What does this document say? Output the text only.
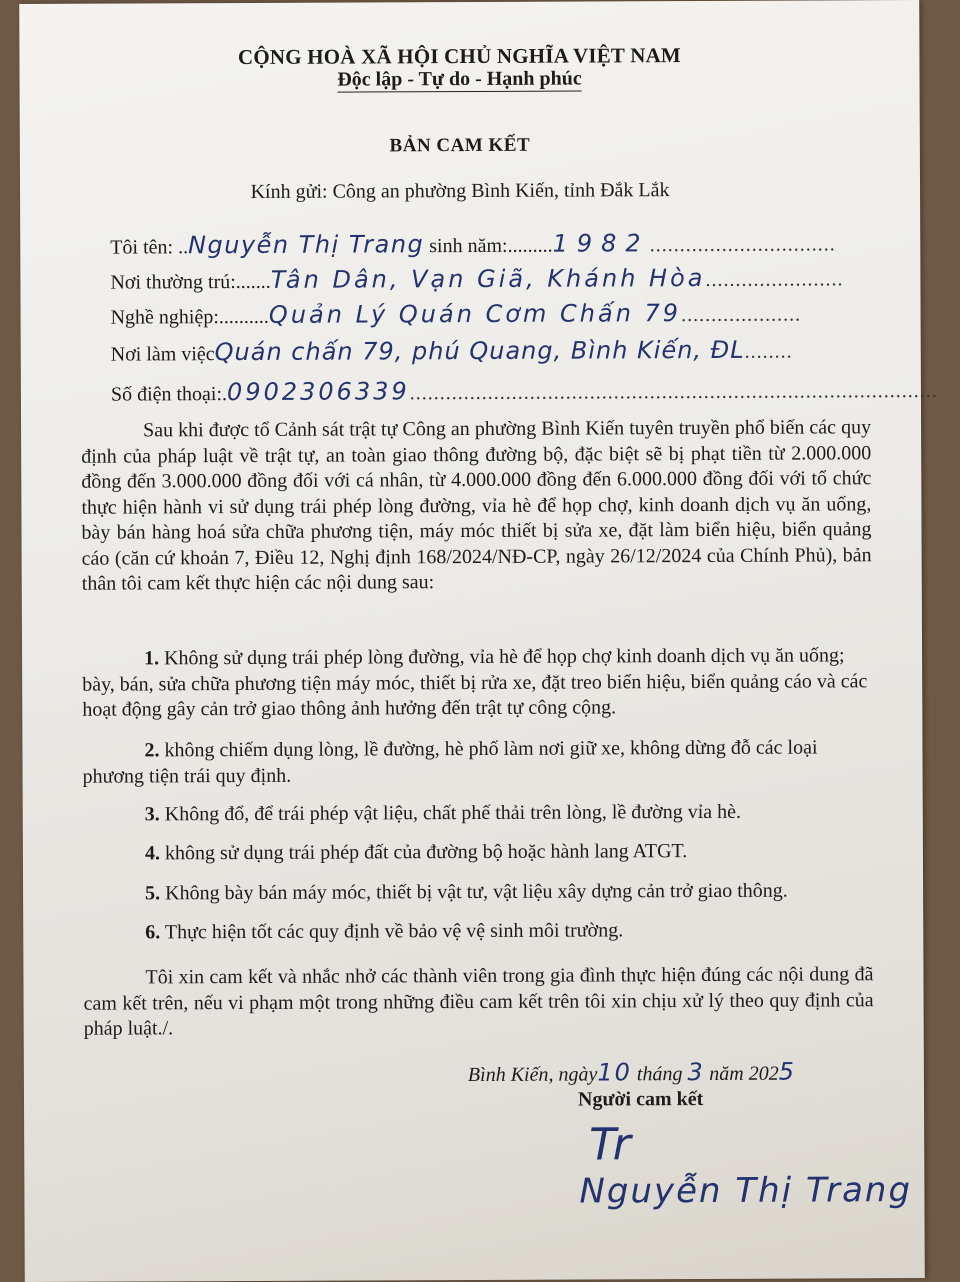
CỘNG HOÀ XÃ HỘI CHỦ NGHĨA VIỆT NAM
Độc lập - Tự do - Hạnh phúc
BẢN CAM KẾT
Kính gửi: Công an phường Bình Kiến, tỉnh Đắk Lắk
Tôi tên: ..Nguyễn Thị Trang sinh năm:.........1982...............................
Nơi thường trú:.......Tân Dân, Vạn Giã, Khánh Hòa.......................
Nghề nghiệp:..........Quản Lý Quán Cơm Chấn 79....................
Nơi làm việcQuán chấn 79, phú Quang, Bình Kiến, ĐL........
Số điện thoại:.0902306339........................................................................................

Sau khi được tổ Cảnh sát trật tự Công an phường Bình Kiến tuyên truyền phổ biến các quy định của pháp luật về trật tự, an toàn giao thông đường bộ, đặc biệt sẽ bị phạt tiền từ 2.000.000 đồng đến 3.000.000 đồng đối với cá nhân, từ 4.000.000 đồng đến 6.000.000 đồng đối với tổ chức thực hiện hành vi sử dụng trái phép lòng đường, vỉa hè để họp chợ, kinh doanh dịch vụ ăn uống, bày bán hàng hoá sửa chữa phương tiện, máy móc thiết bị sửa xe, đặt làm biển hiệu, biển quảng cáo (căn cứ khoản 7, Điều 12, Nghị định 168/2024/NĐ-CP, ngày 26/12/2024 của Chính Phủ), bản thân tôi cam kết thực hiện các nội dung sau:

1. Không sử dụng trái phép lòng đường, vỉa hè để họp chợ kinh doanh dịch vụ ăn uống; bày, bán, sửa chữa phương tiện máy móc, thiết bị rửa xe, đặt treo biển hiệu, biển quảng cáo và các hoạt động gây cản trở giao thông ảnh hưởng đến trật tự công cộng.
2. không chiếm dụng lòng, lề đường, hè phố làm nơi giữ xe, không dừng đỗ các loại phương tiện trái quy định.
3. Không đổ, để trái phép vật liệu, chất phế thải trên lòng, lề đường vỉa hè.
4. không sử dụng trái phép đất của đường bộ hoặc hành lang ATGT.
5. Không bày bán máy móc, thiết bị vật tư, vật liệu xây dựng cản trở giao thông.
6. Thực hiện tốt các quy định về bảo vệ vệ sinh môi trường.

Tôi xin cam kết và nhắc nhở các thành viên trong gia đình thực hiện đúng các nội dung đã cam kết trên, nếu vi phạm một trong những điều cam kết trên tôi xin chịu xử lý theo quy định của pháp luật./.

Bình Kiến, ngày10 tháng 3 năm 2025
Người cam kết
Tr
Nguyễn Thị Trang
